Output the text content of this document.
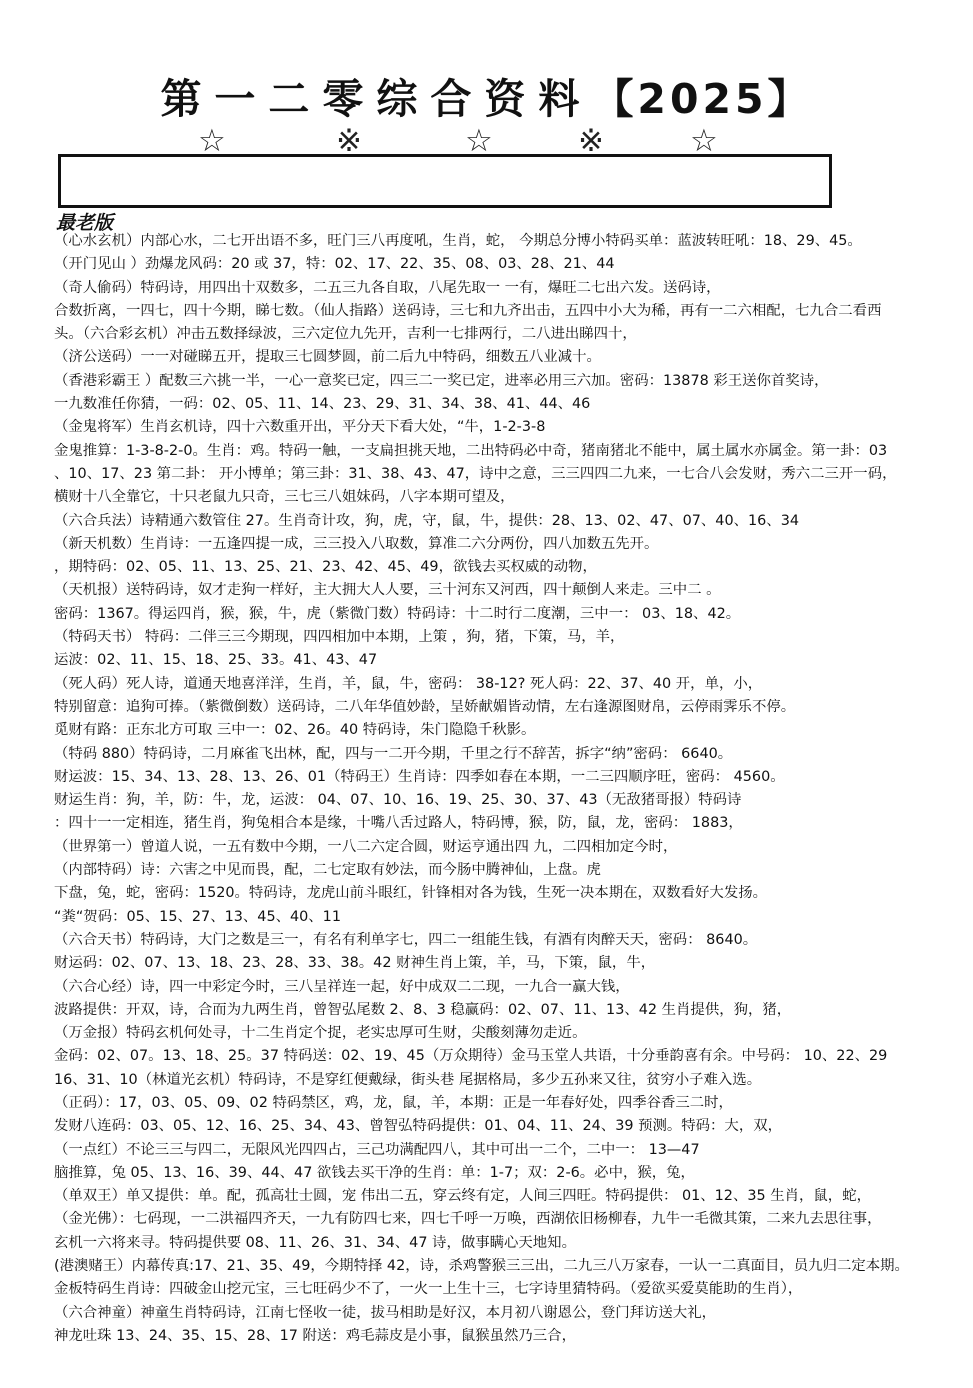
第一二零综合资料【2025】
☆	※	☆	※	☆
最老版
（心水玄机）内部心水，二七开出语不多，旺门三八再度吼，生肖，蛇， 今期总分博小特码买单：蓝波转旺吼：18、29、45。
（开门见山 ）劲爆龙风码：20 或 37，特：02、17、22、35、08、03、28、21、44
（奇人偷码）特码诗，用四出十双数多，二五三九各自取，八尾先取一 一有，爆旺二七出六发。送码诗，
合数折离，一四七，四十今期，睇七数。（仙人指路）送码诗，三七和九齐出击，五四中小大为稀，再有一二六相配，七九合二看西
头。（六合彩玄机）冲击五数择绿波，三六定位九先开，吉利一七排两行，二八进出睇四十，
（济公送码）一一对碰睇五开，提取三七圆梦圆，前二后九中特码，细数五八业减十。
（香港彩霸王 ）配数三六挑一半，一心一意奖已定，四三二一奖已定，进率必用三六加。密码：13878 彩王送你首奖诗，
一九数准任你猜，一码：02、05、11、14、23、29、31、34、38、41、44、46
（金鬼将军）生肖玄机诗，四十六数重开出，平分天下看大处，“牛，1-2-3-8
金鬼推算：1-3-8-2-0。生肖：鸡。特码一触，一支扁担挑天地，二出特码必中奇，猪南猪北不能中，属土属水亦属金。第一卦：03
、10、17、23 第二卦： 开小博单；第三卦：31、38、43、47，诗中之意，三三四四二九来，一七合八会发财，秀六二三开一码，
横财十八全靠它，十只老鼠九只奇，三七三八姐妹码，八字本期可望及，
（六合兵法）诗精通六数管住 27。生肖奇计攻，狗，虎，守，鼠，牛，提供：28、13、02、47、07、40、16、34
（新天机数）生肖诗：一五逢四提一成，三三投入八取数，算准二六分两份，四八加数五先开。
，期特码：02、05、11、13、25、21、23、42、45、49，欲钱去买权威的动物，
（天机报）送特码诗，奴才走狗一样好，主大拥大人人要，三十河东又河西，四十颠倒人来走。三中二 。
密码：1367。得运四肖，猴，猴，牛，虎（紫微门数）特码诗：十二时行二度潮，三中一： 03、18、42。
（特码天书） 特码：二伴三三今期现，四四相加中本期，上策 ，狗，猪，下策，马，羊，
运波：02、11、15、18、25、33。41、43、47
（死人码）死人诗，道通天地喜洋洋，生肖，羊，鼠，牛，密码： 38-12? 死人码：22、37、40 开，单，小，
特别留意：追狗可捧。（紫微倒数）送码诗，二八年华值妙龄，呈娇献媚皆动情，左右逢源图财帛，云停雨霁乐不停。
觅财有路：正东北方可取 三中一：02、26。40 特码诗，朱门隐隐千秋影。
（特码 880）特码诗，二月麻雀飞出林，配，四与一二开今期，千里之行不辞苦，拆字“纳”密码： 6640。
财运波：15、34、13、28、13、26、01（特码王）生肖诗：四季如春在本期，一二三四顺序旺，密码： 4560。
财运生肖：狗，羊，防：牛，龙，运波： 04、07、10、16、19、25、30、37、43（无敌猪哥报）特码诗
：四十一一定相连，猪生肖，狗兔相合本是缘，十嘴八舌过路人，特码博，猴，防，鼠，龙，密码： 1883，
（世界第一）曾道人说，一五有数中今期，一八二六定合圆，财运亨通出四 九，二四相加定今时，
（内部特码）诗：六害之中见而畏，配，二七定取有妙法，而今肠中腾神仙，上盘。虎
下盘，兔，蛇，密码：1520。特码诗，龙虎山前斗眼红，针锋相对各为钱，生死一决本期在，双数看好大发扬。
“粪“贺码：05、15、27、13、45、40、11
（六合天书）特码诗，大门之数是三一，有名有利单字七，四二一组能生钱，有酒有肉醉天天，密码： 8640。
财运码：02、07、13、18、23、28、33、38。42 财神生肖上策，羊，马，下策，鼠，牛，
（六合心经）诗，四一中彩定今时，三八呈祥连一起，好中成双二二现，一九合一赢大钱，
波路提供：开双，诗，合而为九两生肖，曾智弘尾数 2、8、3 稳赢码：02、07、11、13、42 生肖提供，狗，猪，
（万金报）特码玄机何处寻，十二生肖定个捉，老实忠厚可生财，尖酸刻薄勿走近。
金码：02、07。13、18、25。37 特码送：02、19、45（万众期待）金马玉堂人共语，十分垂韵喜有余。中号码： 10、22、29
16、31、10（林道光玄机）特码诗，不是穿红便戴绿，街头巷 尾据格局，多少五孙来又往，贫穷小子难入选。
（正码）：17，03、05、09、02 特码禁区，鸡，龙，鼠，羊，本期：正是一年春好处，四季谷香三二时，
发财八连码：03、05、12、16、25、34、43、曾智弘特码提供：01、04、11、24、39 预测。特码：大，双，
（一点红）不论三三与四二，无限风光四四占，三己功满配四八，其中可出一二个，二中一： 13—47
脑推算，兔 05、13、16、39、44、47 欲钱去买干净的生肖：单：1-7；双：2-6。必中，猴，兔，
（单双王）单又提供：单。配，孤高壮士圆，宠 伟出二五，穿云终有定，人间三四旺。特码提供： 01、12、35 生肖，鼠，蛇，
（金光佛）：七码现，一二洪福四齐天，一九有防四七来，四七千呼一万唤，西湖依旧杨柳春，九牛一毛微其策，二来九去思往事，
玄机一六将来寻。特码提供要 08、11、26、31、34、47 诗，做事瞒心天地知。
(港澳赌王）内幕传真:17、21、35、49，今期特择 42，诗，杀鸡警猴三三出，二九三八万家春，一认一二真面目，员九归二定本期。
金板特码生肖诗：四破金山挖元宝，三七旺码少不了，一火一上生十三，七字诗里猜特码。（爱欲买爱莫能助的生肖），
（六合神童）神童生肖特码诗，江南七怪收一徒，拔马相助是好汉，本月初八谢恩公，登门拜访送大礼，
神龙吐珠 13、24、35、15、28、17 附送：鸡毛蒜皮是小事，鼠猴虽然乃三合，
